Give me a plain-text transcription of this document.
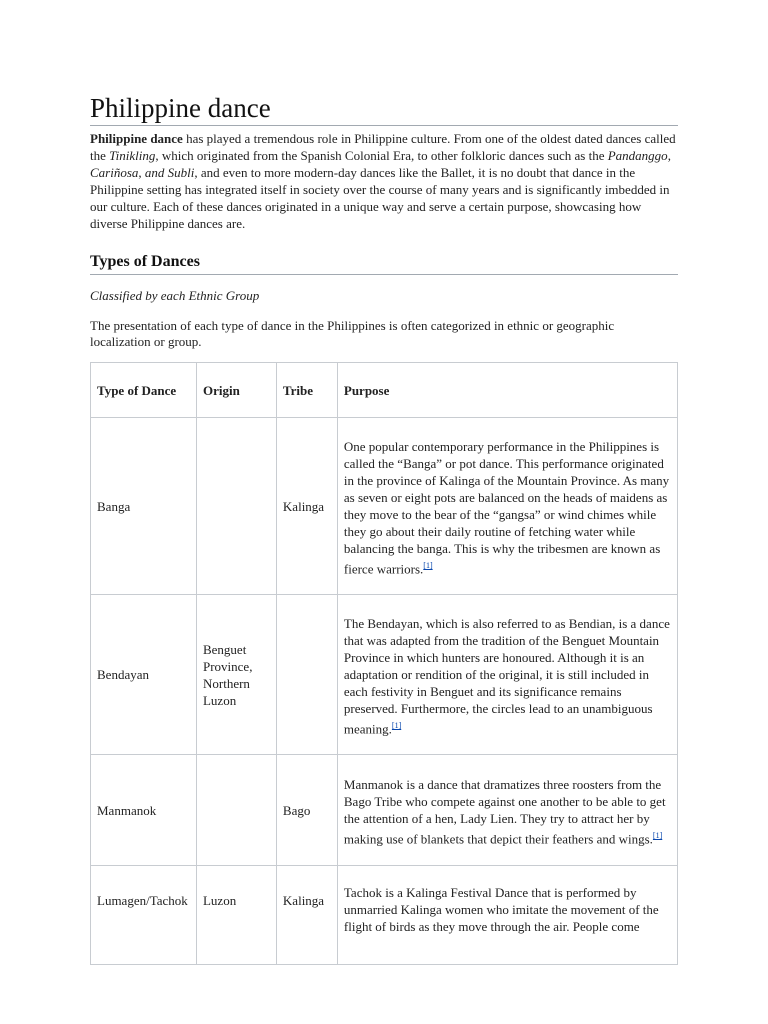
Philippine dance

Philippine dance has played a tremendous role in Philippine culture. From one of the oldest dated dances called the Tinikling, which originated from the Spanish Colonial Era, to other folkloric dances such as the Pandanggo, Cariñosa, and Subli, and even to more modern-day dances like the Ballet, it is no doubt that dance in the Philippine setting has integrated itself in society over the course of many years and is significantly imbedded in our culture. Each of these dances originated in a unique way and serve a certain purpose, showcasing how diverse Philippine dances are.

Types of Dances

Classified by each Ethnic Group

The presentation of each type of dance in the Philippines is often categorized in ethnic or geographic localization or group.

Type of Dance	Origin	Tribe	Purpose
Banga		Kalinga	One popular contemporary performance in the Philippines is called the “Banga” or pot dance. This performance originated in the province of Kalinga of the Mountain Province. As many as seven or eight pots are balanced on the heads of maidens as they move to the bear of the “gangsa” or wind chimes while they go about their daily routine of fetching water while balancing the banga. This is why the tribesmen are known as fierce warriors.[1]
Bendayan	Benguet Province, Northern Luzon		The Bendayan, which is also referred to as Bendian, is a dance that was adapted from the tradition of the Benguet Mountain Province in which hunters are honoured. Although it is an adaptation or rendition of the original, it is still included in each festivity in Benguet and its significance remains preserved. Furthermore, the circles lead to an unambiguous meaning.[1]
Manmanok		Bago	Manmanok is a dance that dramatizes three roosters from the Bago Tribe who compete against one another to be able to get the attention of a hen, Lady Lien. They try to attract her by making use of blankets that depict their feathers and wings.[1]
Lumagen/Tachok	Luzon	Kalinga	Tachok is a Kalinga Festival Dance that is performed by unmarried Kalinga women who imitate the movement of the flight of birds as they move through the air. People come
